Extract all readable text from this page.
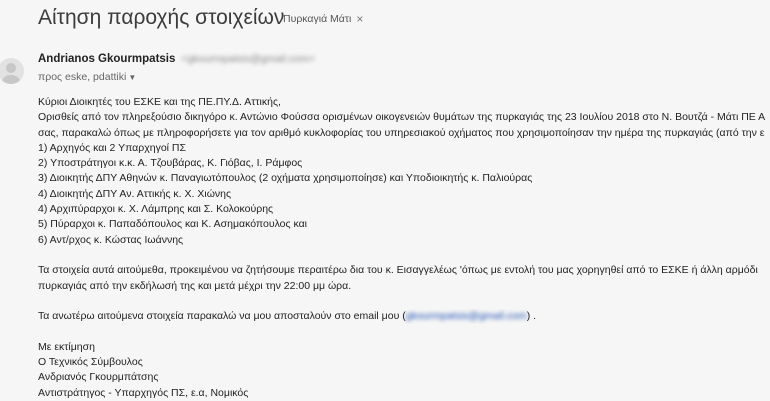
Αίτηση παροχής στοιχείων
Πυρκαγιά Μάτι ×
Andrianos Gkourmpatsis <gkourmpatsis@gmail.com>
προς eske, pdattiki ▼
Κύριοι Διοικητές του ΕΣΚΕ και της ΠΕ.ΠΥ.Δ. Αττικής,
Ορισθείς από τον πληρεξούσιο δικηγόρο κ. Αντώνιο Φούσσα ορισμένων οικογενειών θυμάτων της πυρκαγιάς της 23 Ιουλίου 2018 στο Ν. Βουτζά - Μάτι ΠΕ Α
σας, παρακαλώ όπως με πληροφορήσετε για τον αριθμό κυκλοφορίας του υπηρεσιακού οχήματος που χρησιμοποίησαν την ημέρα της πυρκαγιάς (από την ε
1) Αρχηγός και 2 Υπαρχηγοί ΠΣ
2) Υποστράτηγοι κ.κ. Α. Τζουβάρας, Κ. Γιόβας, Ι. Ράμφος
3) Διοικητής ΔΠΥ Αθηνών κ. Παναγιωτόπουλος (2 οχήματα χρησιμοποίησε) και Υποδιοικητής κ. Παλιούρας
4) Διοικητής ΔΠΥ Αν. Αττικής κ. Χ. Χιώνης
4) Αρχιπύραρχοι κ. Χ. Λάμπρης και Σ. Κολοκούρης
5) Πύραρχοι κ. Παπαδόπουλος και Κ. Ασημακόπουλος και
6) Αντ/ρχος κ. Κώστας Ιωάννης
Τα στοιχεία αυτά αιτούμεθα, προκειμένου να ζητήσουμε περαιτέρω δια του κ. Εισαγγελέως 'όπως με εντολή του μας χορηγηθεί από το ΕΣΚΕ ή άλλη αρμόδι
πυρκαγιάς από την εκδήλωσή της και μετά μέχρι την 22:00 μμ ώρα.
Τα ανωτέρω αιτούμενα στοιχεία παρακαλώ να μου αποσταλούν στο email μου (gkourmpatsis@gmail.com) .
Με εκτίμηση
Ο Τεχνικός Σύμβουλος
Ανδριανός Γκουρμπάτσης
Αντιστράτηγος - Υπαρχηγός ΠΣ, ε.α, Νομικός
